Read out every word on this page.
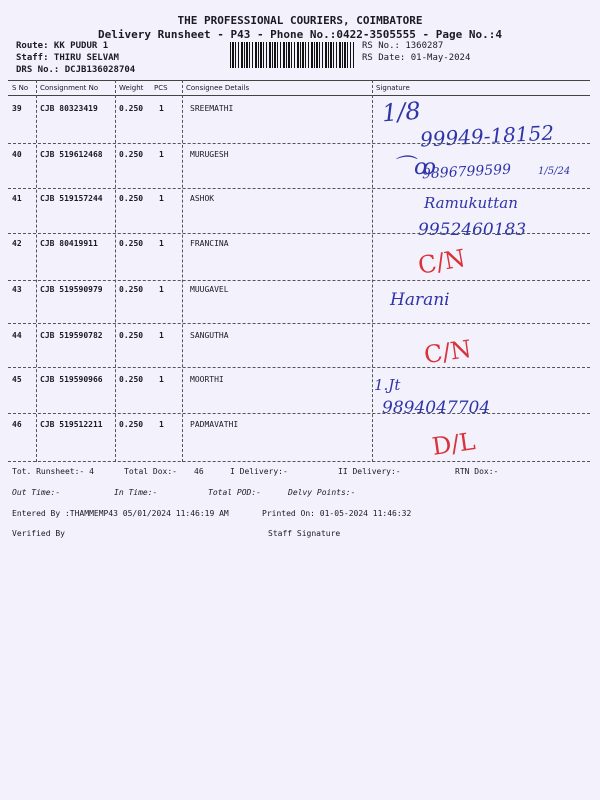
THE PROFESSIONAL COURIERS, COIMBATORE
Delivery Runsheet - P43 - Phone No.:0422-3505555 - Page No.:4
Route: KK PUDUR 1
Staff: THIRU SELVAM
DRS No.: DCJB136028704
RS No.: 1360287
RS Date: 01-May-2024
S No Consignment No	Weight PCS	Consignee Details	Signature
39 CJB 80323419	0.250 1	SREEMATHI	1/8
99949-18152
40 CJB 519612468 0.250 1	MURUGESH
⌒ꝏ
9896799599	1/5/24
41 CJB 519157244 0.250 1	ASHOK	Ramukuttan
9952460183
42 CJB 80419911	0.250 1	FRANCINA
C/N
43 CJB 519590979 0.250 1	MUUGAVEL
Harani
44 CJB 519590782 0.250 1	SANGUTHA	C/N
45 CJB 519590966 0.250 1	MOORTHI	1.Jt
9894047704
46 CJB 519512211 0.250 1	PADMAVATHI
D/L
Tot. Runsheet:- 4	Total Dox:- 46	I Delivery:-	II Delivery:-	RTN Dox:-
Out Time:-	In Time:-	Total POD:-	Delvy Points:-
Entered By :THAMMEMP43 05/01/2024 11:46:19 AM	Printed On: 01-05-2024 11:46:32
Verified By	Staff Signature
